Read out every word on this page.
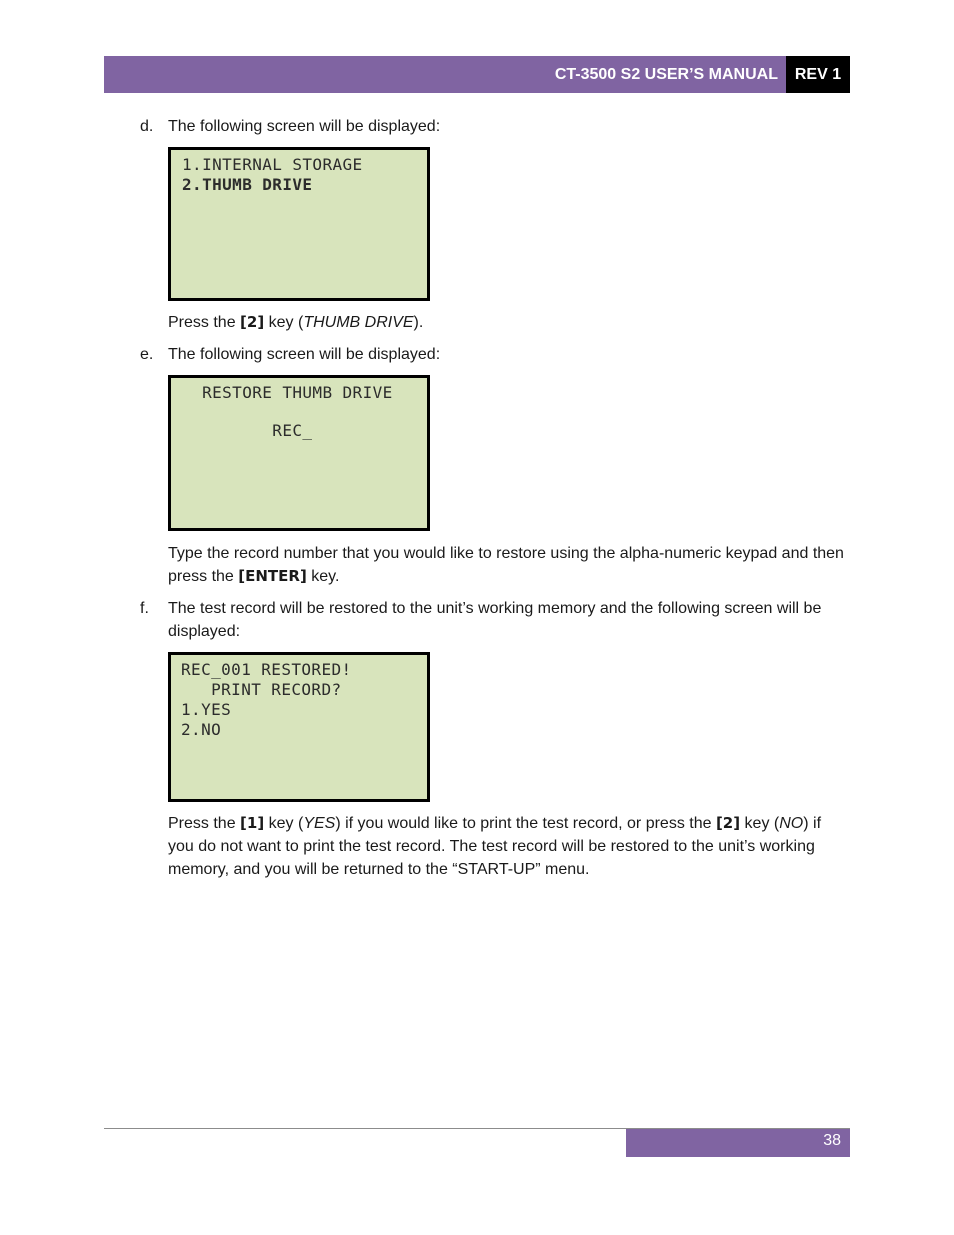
CT-3500 S2 USER’S MANUAL	REV 1
d. The following screen will be displayed:
1.INTERNAL STORAGE
2.THUMB DRIVE
Press the [2] key (THUMB DRIVE).
e. The following screen will be displayed:
RESTORE THUMB DRIVE
REC_
Type the record number that you would like to restore using the alpha-numeric keypad and then press the [ENTER] key.
f. The test record will be restored to the unit’s working memory and the following screen will be displayed:
REC_001 RESTORED!
PRINT RECORD?
1.YES
2.NO
Press the [1] key (YES) if you would like to print the test record, or press the [2] key (NO) if you do not want to print the test record. The test record will be restored to the unit’s working memory, and you will be returned to the “START-UP” menu.
38
